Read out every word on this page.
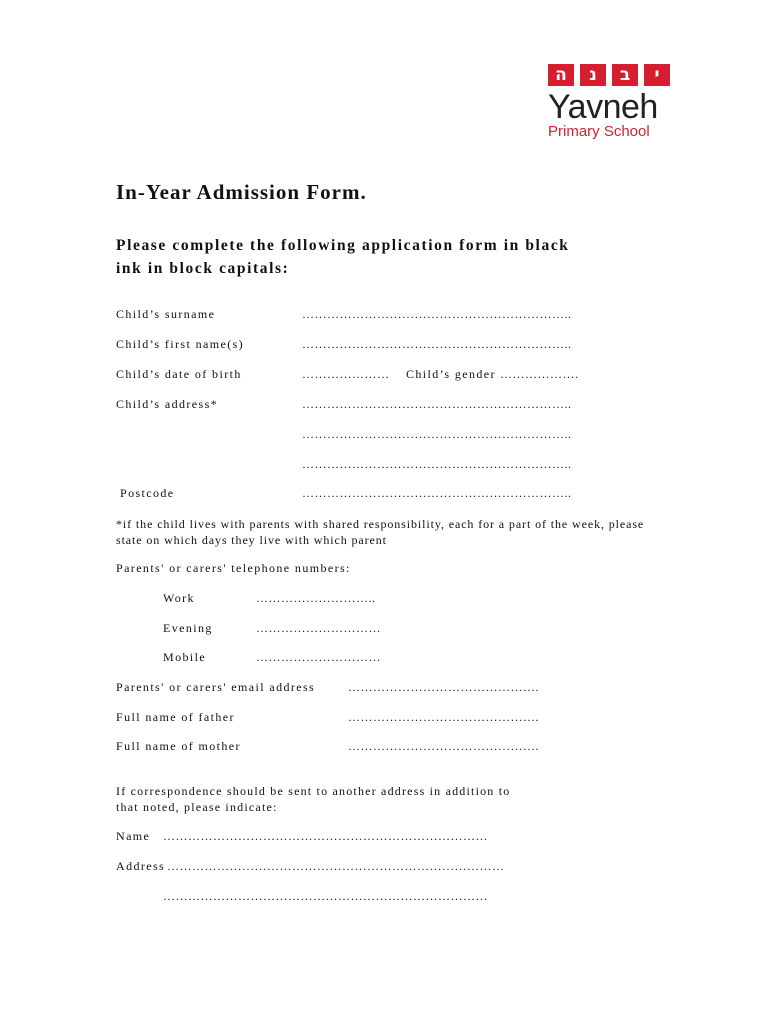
ה	נ	ב	י
Yavneh
Primary School
In-Year Admission Form.
Please complete the following application form in black ink in block capitals:
Child’s surname	………………………………………………………..
Child’s first name(s)	………………………………………………………..
Child’s date of birth	………………… Child’s gender ……………….
Child’s address*	………………………………………………………..
………………………………………………………..
………………………………………………………..
Postcode	………………………………………………………..
*if the child lives with parents with shared responsibility, each for a part of the week, please state on which days they live with which parent
Parents' or carers' telephone numbers:
Work	………………………..
Evening	…………………………
Mobile	…………………………
Parents' or carers' email address	……………………………………….
Full name of father	……………………………………….
Full name of mother	……………………………………….
If correspondence should be sent to another address in addition to that noted, please indicate:
Name ……………………………………………………………………
Address ………………………………………………………………………
……………………………………………………………………
